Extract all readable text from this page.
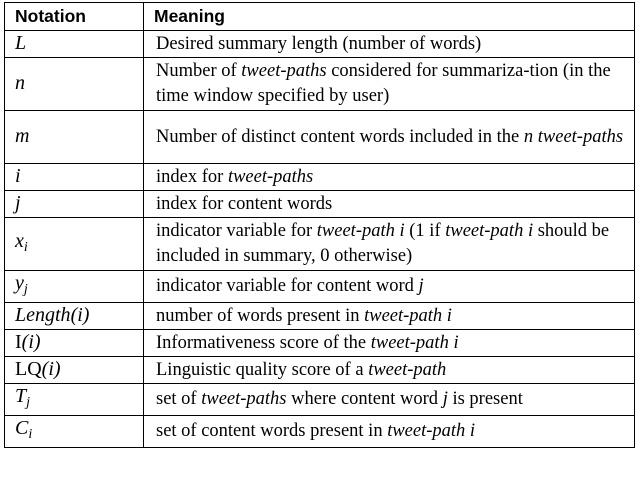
Notation	Meaning
L	Desired summary length (number of words)
n	Number of tweet-paths considered for summariza-tion (in the time window specified by user)
m	Number of distinct content words included in the n tweet-paths
i	index for tweet-paths
j	index for content words
$x_i$	indicator variable for tweet-path i (1 if tweet-path i should be included in summary, 0 otherwise)
$y_j$	indicator variable for content word j
Length(i)	number of words present in tweet-path i
I(i)	Informativeness score of the tweet-path i
LQ(i)	Linguistic quality score of a tweet-path
$T_j$	set of tweet-paths where content word j is present
$C_i$	set of content words present in tweet-path i
